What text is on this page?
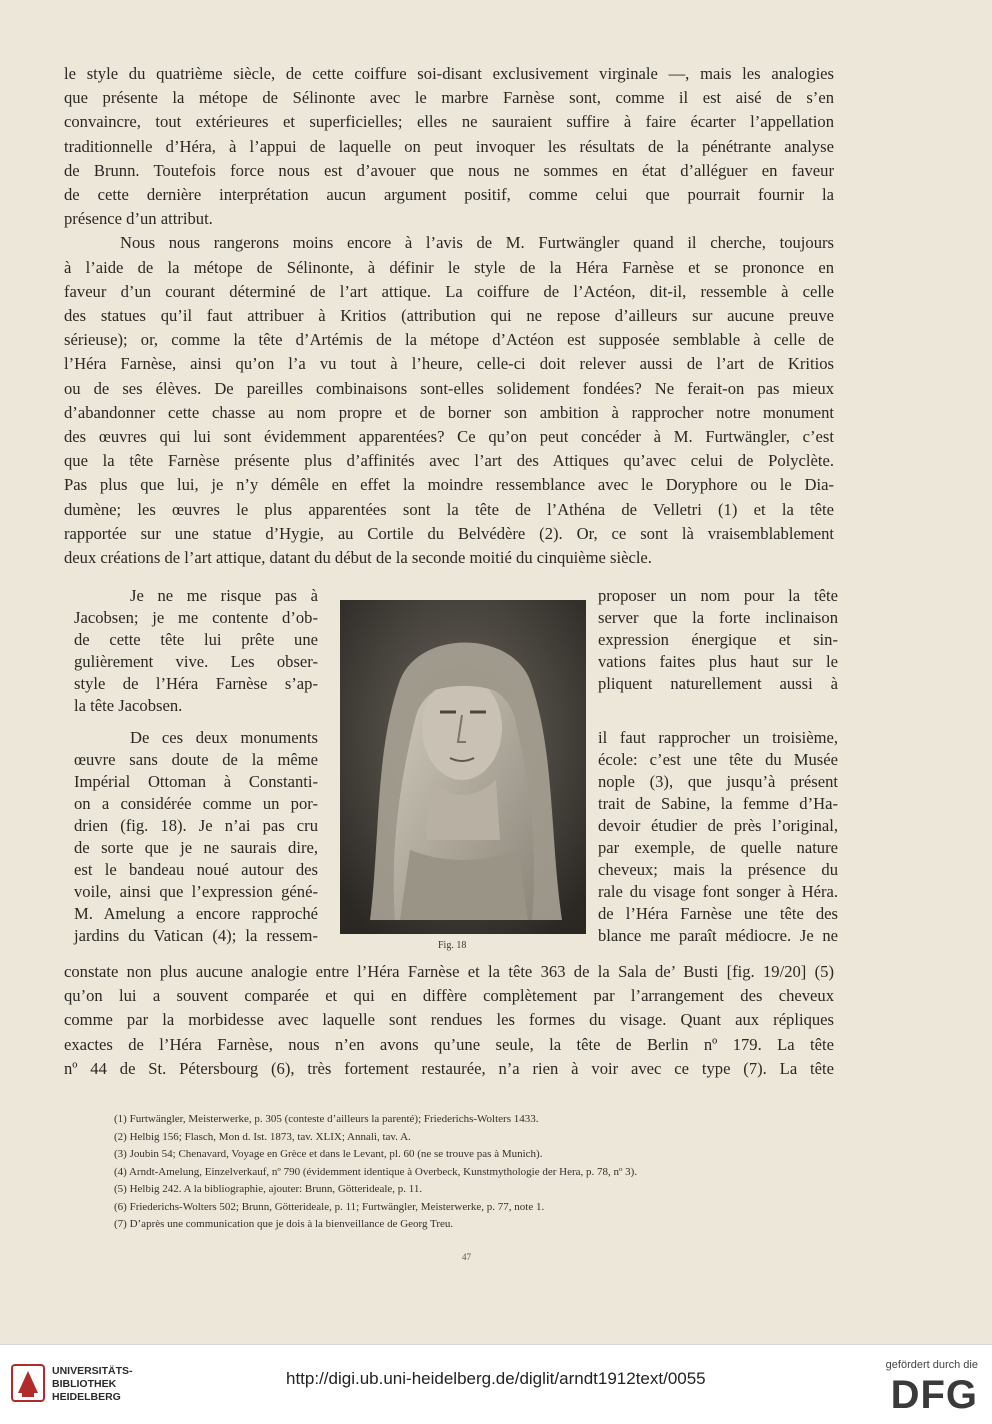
le style du quatrième siècle, de cette coiffure soi-disant exclusivement virginale —, mais les analogies
que présente la métope de Sélinonte avec le marbre Farnèse sont, comme il est aisé de s’en
convaincre, tout extérieures et superficielles; elles ne sauraient suffire à faire écarter l’appellation
traditionnelle d’Héra, à l’appui de laquelle on peut invoquer les résultats de la pénétrante analyse
de Brunn. Toutefois force nous est d’avouer que nous ne sommes en état d’alléguer en faveur
de cette dernière interprétation aucun argument positif, comme celui que pourrait fournir la
présence d’un attribut.
Nous nous rangerons moins encore à l’avis de M. Furtwängler quand il cherche, toujours
à l’aide de la métope de Sélinonte, à définir le style de la Héra Farnèse et se prononce en
faveur d’un courant déterminé de l’art attique. La coiffure de l’Actéon, dit-il, ressemble à celle
des statues qu’il faut attribuer à Kritios (attribution qui ne repose d’ailleurs sur aucune preuve
sérieuse); or, comme la tête d’Artémis de la métope d’Actéon est supposée semblable à celle de
l’Héra Farnèse, ainsi qu’on l’a vu tout à l’heure, celle-ci doit relever aussi de l’art de Kritios
ou de ses élèves. De pareilles combinaisons sont-elles solidement fondées? Ne ferait-on pas mieux
d’abandonner cette chasse au nom propre et de borner son ambition à rapprocher notre monument
des œuvres qui lui sont évidemment apparentées? Ce qu’on peut concéder à M. Furtwängler, c’est
que la tête Farnèse présente plus d’affinités avec l’art des Attiques qu’avec celui de Polyclète.
Pas plus que lui, je n’y démêle en effet la moindre ressemblance avec le Doryphore ou le Dia-
dumène; les œuvres le plus apparentées sont la tête de l’Athéna de Velletri (1) et la tête
rapportée sur une statue d’Hygie, au Cortile du Belvédère (2). Or, ce sont là vraisemblablement
deux créations de l’art attique, datant du début de la seconde moitié du cinquième siècle.
Je ne me risque pas à
Jacobsen; je me contente d’ob-
de cette tête lui prête une
gulièrement vive. Les obser-
style de l’Héra Farnèse s’ap-
la tête Jacobsen.
De ces deux monuments
œuvre sans doute de la même
Impérial Ottoman à Constanti-
on a considérée comme un por-
drien (fig. 18). Je n’ai pas cru
de sorte que je ne saurais dire,
est le bandeau noué autour des
voile, ainsi que l’expression géné-
M. Amelung a encore rapproché
jardins du Vatican (4); la ressem-
proposer un nom pour la tête
server que la forte inclinaison
expression énergique et sin-
vations faites plus haut sur le
pliquent naturellement aussi à
il faut rapprocher un troisième,
école: c’est une tête du Musée
nople (3), que jusqu’à présent
trait de Sabine, la femme d’Ha-
devoir étudier de près l’original,
par exemple, de quelle nature
cheveux; mais la présence du
rale du visage font songer à Héra.
de l’Héra Farnèse une tête des
blance me paraît médiocre. Je ne
Fig. 18
constate non plus aucune analogie entre l’Héra Farnèse et la tête 363 de la Sala de’ Busti [fig. 19/20] (5)
qu’on lui a souvent comparée et qui en diffère complètement par l’arrangement des cheveux
comme par la morbidesse avec laquelle sont rendues les formes du visage. Quant aux répliques
exactes de l’Héra Farnèse, nous n’en avons qu’une seule, la tête de Berlin nº 179. La tête
nº 44 de St. Pétersbourg (6), très fortement restaurée, n’a rien à voir avec ce type (7). La tête
(1) Furtwängler, Meisterwerke, p. 305 (conteste d’ailleurs la parenté); Friederichs-Wolters 1433.
(2) Helbig 156; Flasch, Mon d. Ist. 1873, tav. XLIX; Annali, tav. A.
(3) Joubin 54; Chenavard, Voyage en Grèce et dans le Levant, pl. 60 (ne se trouve pas à Munich).
(4) Arndt-Amelung, Einzelverkauf, nº 790 (évidemment identique à Overbeck, Kunstmythologie der Hera, p. 78, nº 3).
(5) Helbig 242. A la bibliographie, ajouter: Brunn, Götterideale, p. 11.
(6) Friederichs-Wolters 502; Brunn, Götterideale, p. 11; Furtwängler, Meisterwerke, p. 77, note 1.
(7) D’après une communication que je dois à la bienveillance de Georg Treu.
47
UNIVERSITÄTS-
BIBLIOTHEK
HEIDELBERG
http://digi.ub.uni-heidelberg.de/diglit/arndt1912text/0055
gefördert durch die
DFG
